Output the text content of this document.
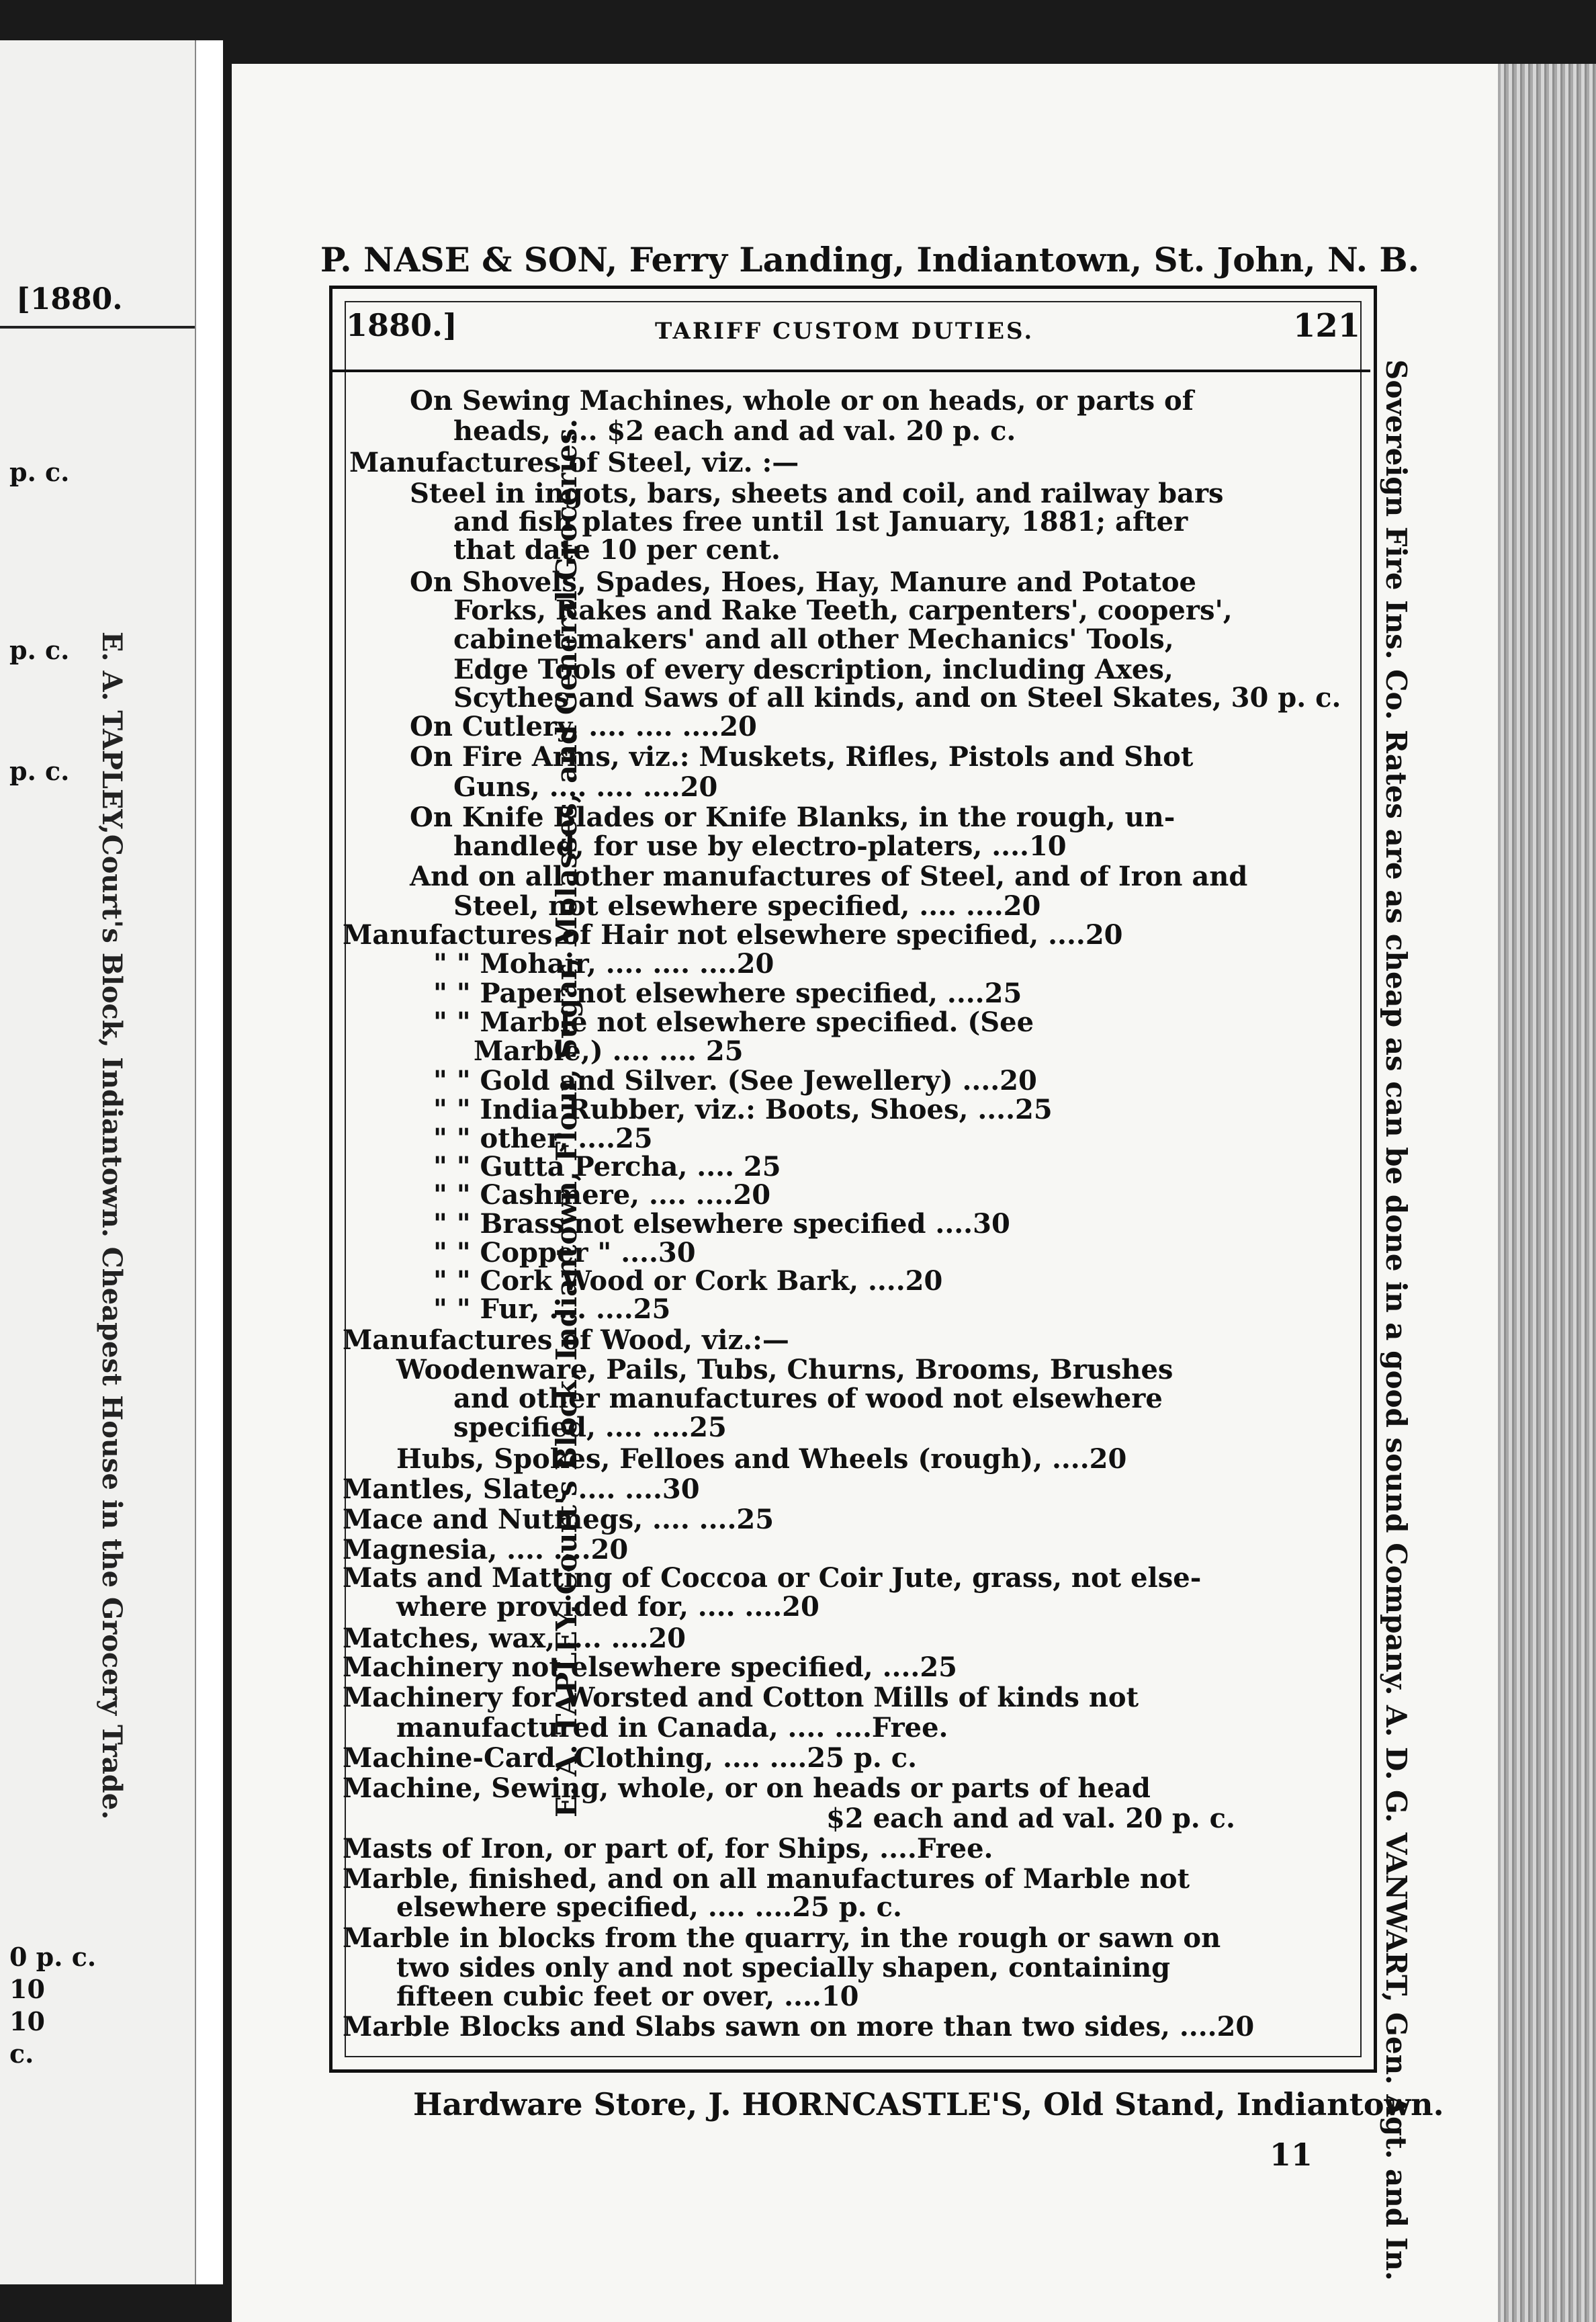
[1880.
p. c.
p. c.
p. c.
0 p. c.
10
10
c.
E. A. TAPLEY,Court's Block, Indiantown. Cheapest House in the Grocery Trade.
P. NASE & SON, Ferry Landing, Indiantown, St. John, N. B.
1880.]	TARIFF CUSTOM DUTIES.	121
E. A. TAPLEY, Court's Block, Indiantown, Flour, Sugar, Molasses, and General Groceries.	Sovereign Fire Ins. Co. Rates are as cheap as can be done in a good sound Company. A. D. G. VANWART, Gen. Agt. and In.
On Sewing Machines, whole or on heads, or parts of
heads, .... $2 each and ad val. 20 p. c.
Manufactures of Steel, viz. :—
Steel in ingots, bars, sheets and coil, and railway bars
and fish plates free until 1st January, 1881; after
that date 10 per cent.
On Shovels, Spades, Hoes, Hay, Manure and Potatoe
Forks, Rakes and Rake Teeth, carpenters', coopers',
cabinet-makers' and all other Mechanics' Tools,
Edge Tools of every description, including Axes,
Scythes and Saws of all kinds, and on Steel Skates, 30 p. c.
On Cutlery, .... .... ....20
On Fire Arms, viz.: Muskets, Rifles, Pistols and Shot
Guns, .... .... ....20
On Knife Blades or Knife Blanks, in the rough, un-
handled, for use by electro-platers, ....10
And on all other manufactures of Steel, and of Iron and
Steel, not elsewhere specified, .... ....20
Manufactures of Hair not elsewhere specified, ....20
" " Mohair, .... .... ....20
" " Paper not elsewhere specified, ....25
" " Marble not elsewhere specified. (See
Marble,) .... .... 25
" " Gold and Silver. (See Jewellery) ....20
" " India Rubber, viz.: Boots, Shoes, ....25
" " other, ....25
" " Gutta Percha, .... 25
" " Cashmere, .... ....20
" " Brass not elsewhere specified ....30
" " Copper " ....30
" " Cork Wood or Cork Bark, ....20
" " Fur, .... ....25
Manufactures of Wood, viz.:—
Woodenware, Pails, Tubs, Churns, Brooms, Brushes
and other manufactures of wood not elsewhere
specified, .... ....25
Hubs, Spokes, Felloes and Wheels (rough), ....20
Mantles, Slate, .... ....30
Mace and Nutmegs, .... ....25
Magnesia, .... ....20
Mats and Matting of Coccoa or Coir Jute, grass, not else-
where provided for, .... ....20
Matches, wax, .... ....20
Machinery not elsewhere specified, ....25
Machinery for Worsted and Cotton Mills of kinds not
manufactured in Canada, .... ....Free.
Machine-Card, Clothing, .... ....25 p. c.
Machine, Sewing, whole, or on heads or parts of head
$2 each and ad val. 20 p. c.
Masts of Iron, or part of, for Ships, ....Free.
Marble, finished, and on all manufactures of Marble not
elsewhere specified, .... ....25 p. c.
Marble in blocks from the quarry, in the rough or sawn on
two sides only and not specially shapen, containing
fifteen cubic feet or over, ....10
Marble Blocks and Slabs sawn on more than two sides, ....20
Hardware Store, J. HORNCASTLE'S, Old Stand, Indiantown.
11
